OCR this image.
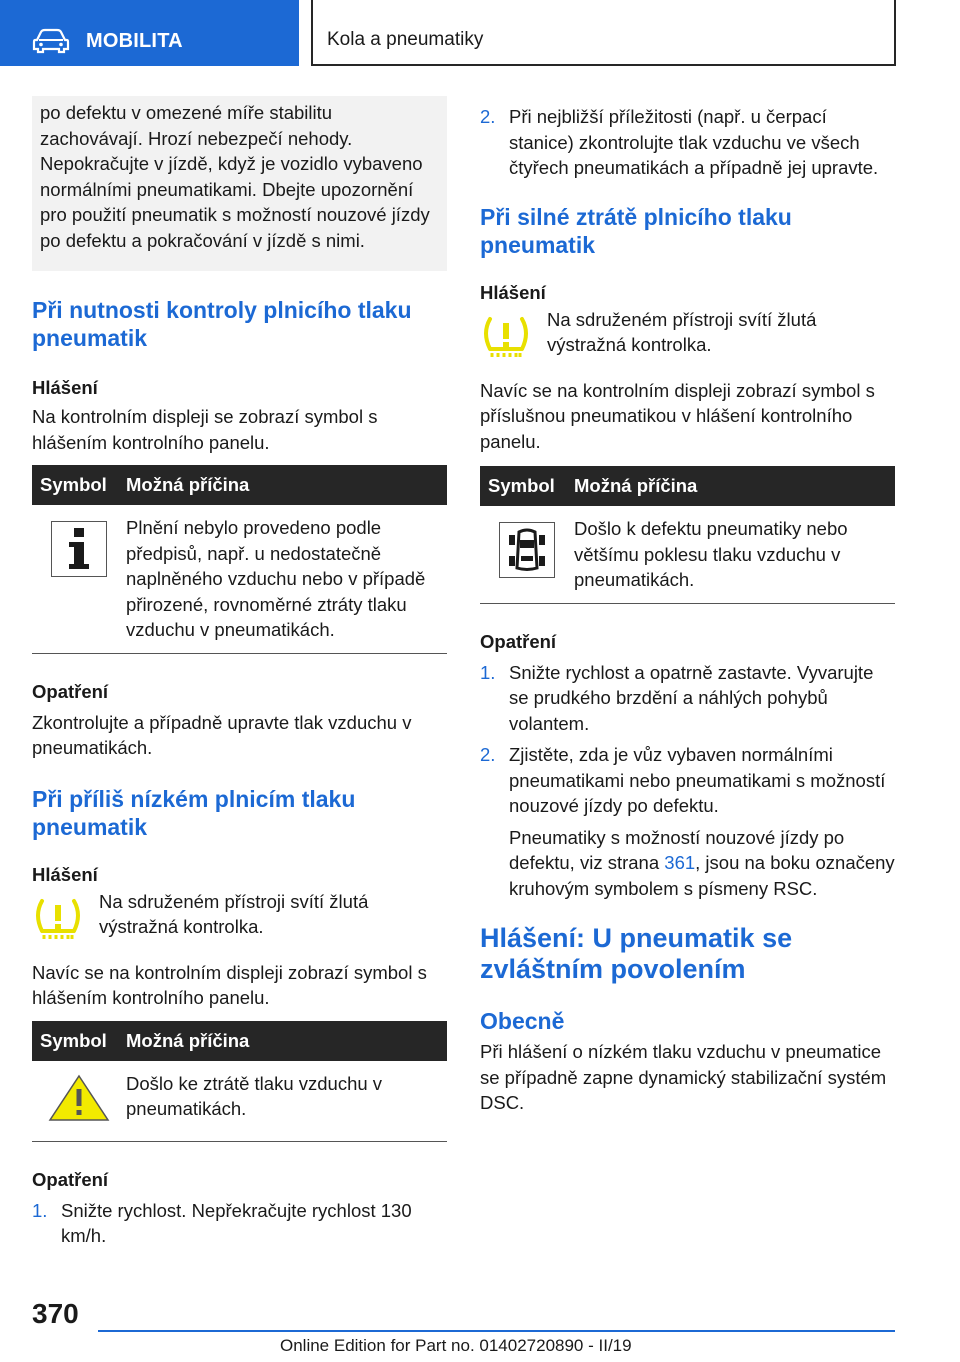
MOBILITA	Kola a pneumatiky

po defektu v omezené míře stabilitu zachovávají. Hrozí nebezpečí nehody. Nepokračujte v jízdě, když je vozidlo vybaveno normálními pneumatikami. Dbejte upozornění pro použití pneumatik s možností nouzové jízdy po defektu a pokračování v jízdě s nimi.

Při nutnosti kontroly plnicího tlaku pneumatik

Hlášení

Na kontrolním displeji se zobrazí symbol s hlášením kontrolního panelu.

Symbol	Možná příčina
Plnění nebylo provedeno podle předpisů, např. u nedostatečně naplněného vzduchu nebo v případě přirozené, rovnoměrné ztráty tlaku vzduchu v pneumatikách.

Opatření

Zkontrolujte a případně upravte tlak vzduchu v pneumatikách.

Při příliš nízkém plnicím tlaku pneumatik

Hlášení

Na sdruženém přístroji svítí žlutá výstražná kontrolka.

Navíc se na kontrolním displeji zobrazí symbol s hlášením kontrolního panelu.

Symbol	Možná příčina
Došlo ke ztrátě tlaku vzduchu v pneumatikách.

Opatření

1. Snižte rychlost. Nepřekračujte rychlost 130 km/h.
2. Při nejbližší příležitosti (např. u čerpací stanice) zkontrolujte tlak vzduchu ve všech čtyřech pneumatikách a případně jej upravte.
Při silné ztrátě plnicího tlaku pneumatik

Hlášení

Na sdruženém přístroji svítí žlutá výstražná kontrolka.

Navíc se na kontrolním displeji zobrazí symbol s příslušnou pneumatikou v hlášení kontrolního panelu.

Symbol	Možná příčina
Došlo k defektu pneumatiky nebo většímu poklesu tlaku vzduchu v pneumatikách.

Opatření

1. Snižte rychlost a opatrně zastavte. Vyvarujte se prudkého brzdění a náhlých pohybů volantem.
2. Zjistěte, zda je vůz vybaven normálními pneumatikami nebo pneumatikami s možností nouzové jízdy po defektu.

Pneumatiky s možností nouzové jízdy po defektu, viz strana 361, jsou na boku označeny kruhovým symbolem s písmeny RSC.

Hlášení: U pneumatik se zvláštním povolením
Obecně

Při hlášení o nízkém tlaku vzduchu v pneumatice se případně zapne dynamický stabilizační systém DSC.

370
Online Edition for Part no. 01402720890 - II/19
